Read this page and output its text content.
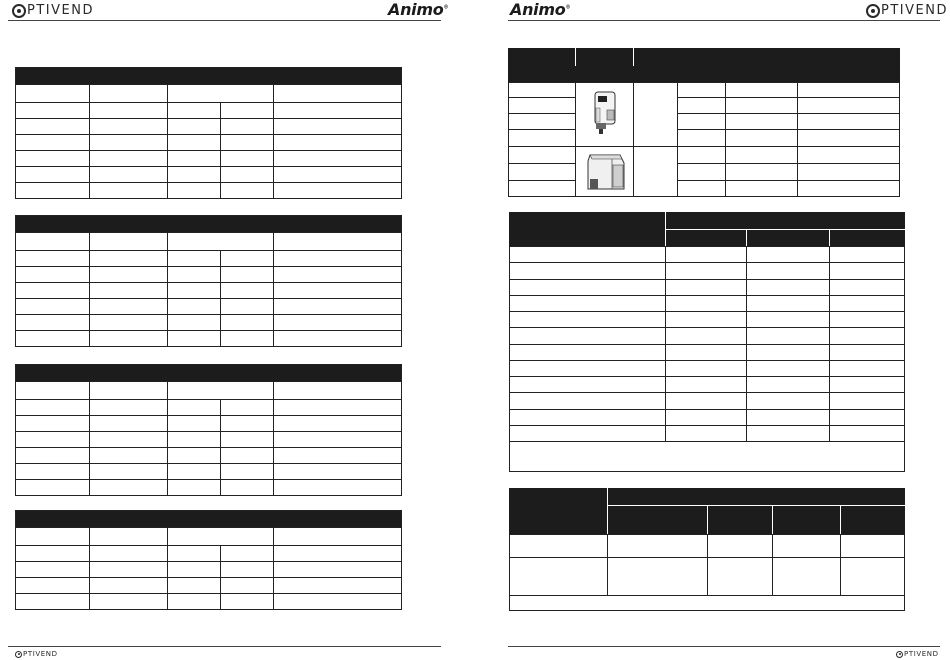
PTIVEND	Animo®

PTIVEND
Animo®	PTIVEND
PTIVEND
